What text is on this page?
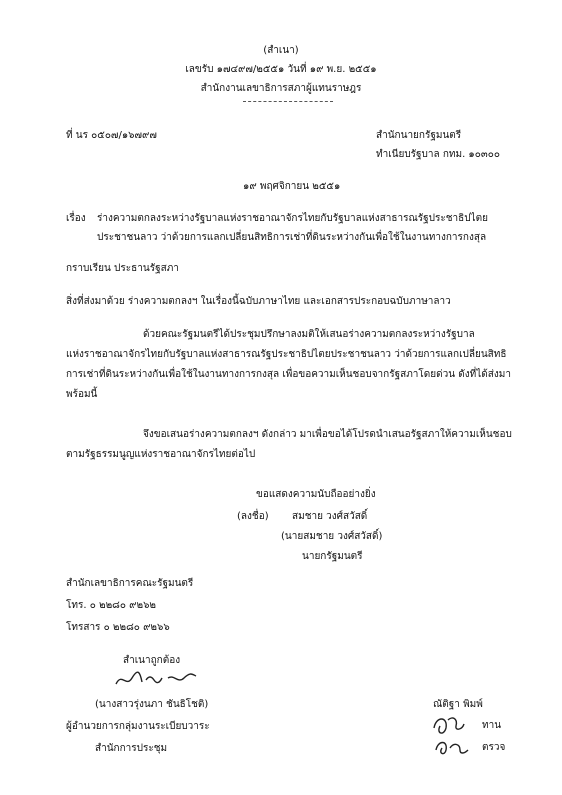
(สำเนา)
เลขรับ ๑๗๔๙๗/๒๕๕๑ วันที่ ๑๙ พ.ย. ๒๕๕๑
สำนักงานเลขาธิการสภาผู้แทนราษฎร
ที่ นร ๐๕๐๗/๑๖๗๙๗	สำนักนายกรัฐมนตรี
ทำเนียบรัฐบาล กทม. ๑๐๓๐๐
๑๙ พฤศจิกายน ๒๕๕๑
เรื่อง ร่างความตกลงระหว่างรัฐบาลแห่งราชอาณาจักรไทยกับรัฐบาลแห่งสาธารณรัฐประชาธิปไตย
ประชาชนลาว ว่าด้วยการแลกเปลี่ยนสิทธิการเช่าที่ดินระหว่างกันเพื่อใช้ในงานทางการกงสุล
กราบเรียน ประธานรัฐสภา
สิ่งที่ส่งมาด้วย ร่างความตกลงฯ ในเรื่องนี้ฉบับภาษาไทย และเอกสารประกอบฉบับภาษาลาว
ด้วยคณะรัฐมนตรีได้ประชุมปรึกษาลงมติให้เสนอร่างความตกลงระหว่างรัฐบาล
แห่งราชอาณาจักรไทยกับรัฐบาลแห่งสาธารณรัฐประชาธิปไตยประชาชนลาว ว่าด้วยการแลกเปลี่ยนสิทธิ
การเช่าที่ดินระหว่างกันเพื่อใช้ในงานทางการกงสุล เพื่อขอความเห็นชอบจากรัฐสภาโดยด่วน ดังที่ได้ส่งมา
พร้อมนี้
จึงขอเสนอร่างความตกลงฯ ดังกล่าว มาเพื่อขอได้โปรดนำเสนอรัฐสภาให้ความเห็นชอบ
ตามรัฐธรรมนูญแห่งราชอาณาจักรไทยต่อไป
ขอแสดงความนับถืออย่างยิ่ง
(ลงชื่อ) สมชาย วงศ์สวัสดิ์
(นายสมชาย วงศ์สวัสดิ์)
นายกรัฐมนตรี
สำนักเลขาธิการคณะรัฐมนตรี
โทร. ๐ ๒๒๘๐ ๙๒๖๒
โทรสาร ๐ ๒๒๘๐ ๙๒๖๖
สำเนาถูกต้อง
(นางสาวรุ่งนภา ชันธิโชติ)
ผู้อำนวยการกลุ่มงานระเบียบวาระ
สำนักการประชุม
ณัติฐา พิมพ์
ทาน
ตรวจ
